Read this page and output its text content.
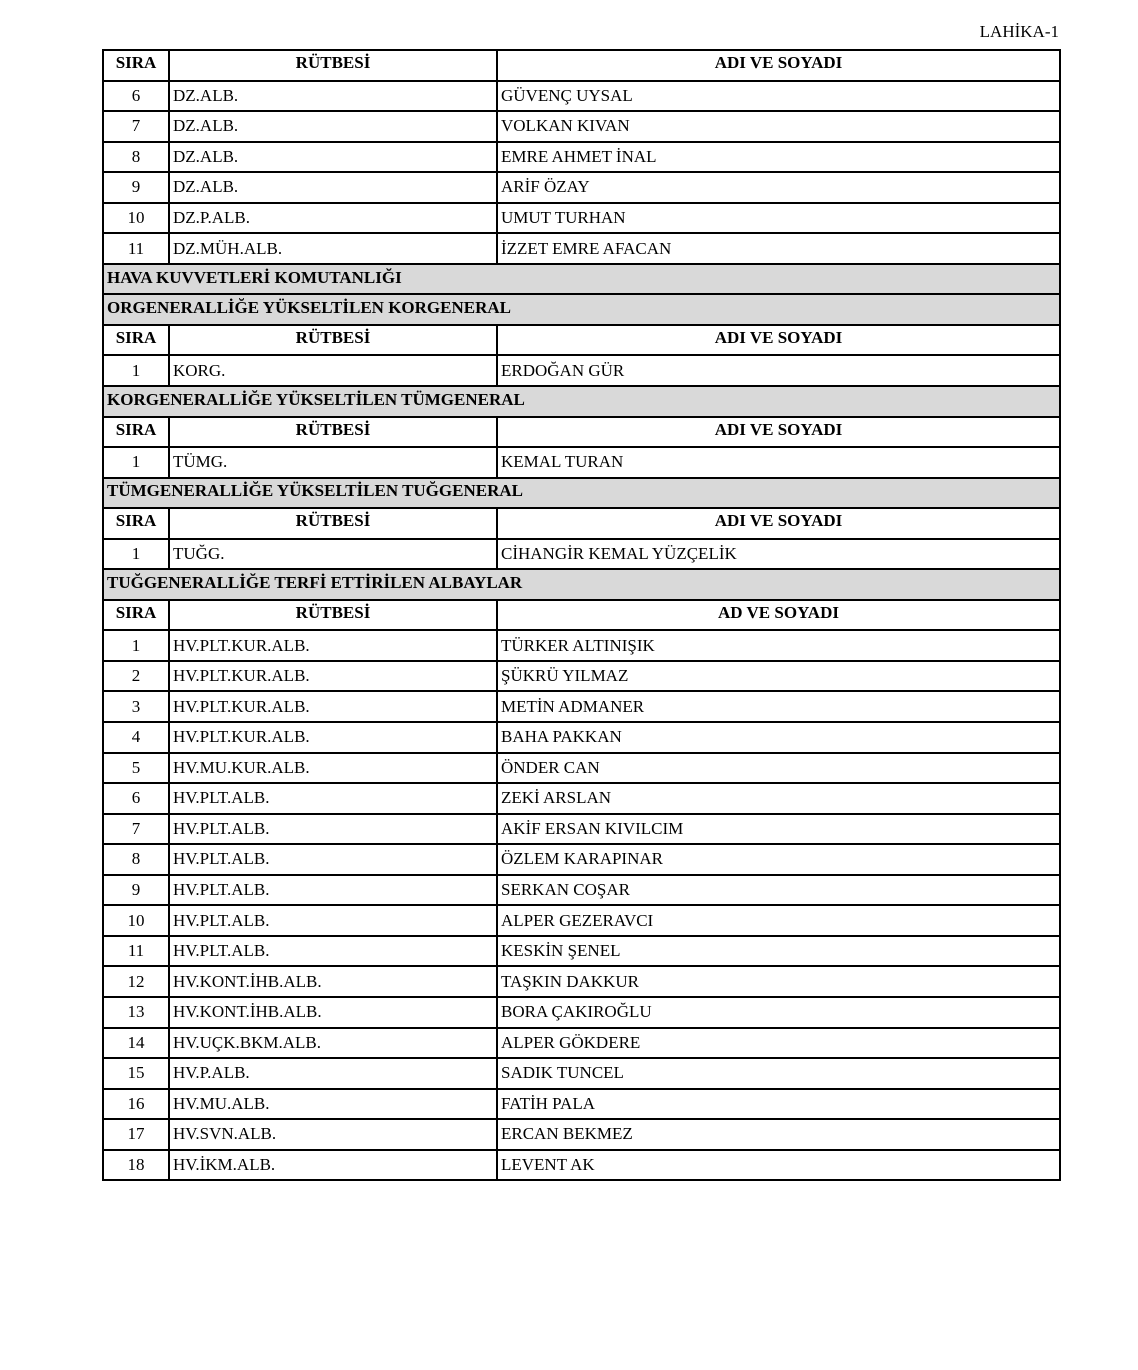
LAHİKA-1
SIRA	RÜTBESİ	ADI VE SOYADI
6	DZ.ALB.	GÜVENÇ UYSAL
7	DZ.ALB.	VOLKAN KIVAN
8	DZ.ALB.	EMRE AHMET İNAL
9	DZ.ALB.	ARİF ÖZAY
10	DZ.P.ALB.	UMUT TURHAN
11	DZ.MÜH.ALB.	İZZET EMRE AFACAN
HAVA KUVVETLERİ KOMUTANLIĞI		
ORGENERALLİĞE YÜKSELTİLEN KORGENERAL		
SIRA	RÜTBESİ	ADI VE SOYADI
1	KORG.	ERDOĞAN GÜR
KORGENERALLİĞE YÜKSELTİLEN TÜMGENERAL		
SIRA	RÜTBESİ	ADI VE SOYADI
1	TÜMG.	KEMAL TURAN
TÜMGENERALLİĞE YÜKSELTİLEN TUĞGENERAL		
SIRA	RÜTBESİ	ADI VE SOYADI
1	TUĞG.	CİHANGİR KEMAL YÜZÇELİK
TUĞGENERALLİĞE TERFİ ETTİRİLEN ALBAYLAR		
SIRA	RÜTBESİ	AD VE SOYADI
1	HV.PLT.KUR.ALB.	TÜRKER ALTINIŞIK
2	HV.PLT.KUR.ALB.	ŞÜKRÜ YILMAZ
3	HV.PLT.KUR.ALB.	METİN ADMANER
4	HV.PLT.KUR.ALB.	BAHA PAKKAN
5	HV.MU.KUR.ALB.	ÖNDER CAN
6	HV.PLT.ALB.	ZEKİ ARSLAN
7	HV.PLT.ALB.	AKİF ERSAN KIVILCIM
8	HV.PLT.ALB.	ÖZLEM KARAPINAR
9	HV.PLT.ALB.	SERKAN COŞAR
10	HV.PLT.ALB.	ALPER GEZERAVCI
11	HV.PLT.ALB.	KESKİN ŞENEL
12	HV.KONT.İHB.ALB.	TAŞKIN DAKKUR
13	HV.KONT.İHB.ALB.	BORA ÇAKIROĞLU
14	HV.UÇK.BKM.ALB.	ALPER GÖKDERE
15	HV.P.ALB.	SADIK TUNCEL
16	HV.MU.ALB.	FATİH PALA
17	HV.SVN.ALB.	ERCAN BEKMEZ
18	HV.İKM.ALB.	LEVENT AK
